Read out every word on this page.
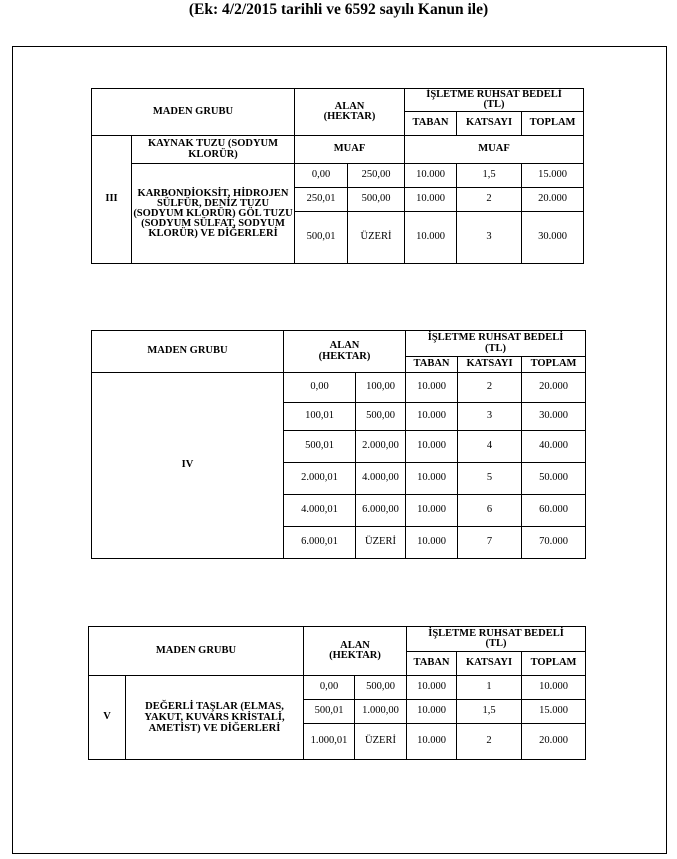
(Ek: 4/2/2015 tarihli ve 6592 sayılı Kanun ile)
MADEN GRUBU		ALAN
(HEKTAR)		İŞLETME RUHSAT BEDELİ
(TL)		
				TABAN	KATSAYI	TOPLAM
III	KAYNAK TUZU (SODYUM KLORÜR)	MUAF		MUAF		
	KARBONDİOKSİT, HİDROJEN SÜLFÜR, DENİZ TUZU (SODYUM KLORÜR) GÖL TUZU (SODYUM SÜLFAT, SODYUM KLORÜR) VE DİĞERLERİ	0,00	250,00	10.000	1,5	15.000
		250,01	500,00	10.000	2	20.000
		500,01	ÜZERİ	10.000	3	30.000
MADEN GRUBU	ALAN
(HEKTAR)		İŞLETME RUHSAT BEDELİ
(TL)		
			TABAN	KATSAYI	TOPLAM
IV	0,00	100,00	10.000	2	20.000
	100,01	500,00	10.000	3	30.000
	500,01	2.000,00	10.000	4	40.000
	2.000,01	4.000,00	10.000	5	50.000
	4.000,01	6.000,00	10.000	6	60.000
	6.000,01	ÜZERİ	10.000	7	70.000
MADEN GRUBU		ALAN
(HEKTAR)		İŞLETME RUHSAT BEDELİ
(TL)		
				TABAN	KATSAYI	TOPLAM
V	DEĞERLİ TAŞLAR (ELMAS, YAKUT, KUVARS KRİSTALİ, AMETİST) VE DİĞERLERİ	0,00	500,00	10.000	1	10.000
		500,01	1.000,00	10.000	1,5	15.000
		1.000,01	ÜZERİ	10.000	2	20.000
